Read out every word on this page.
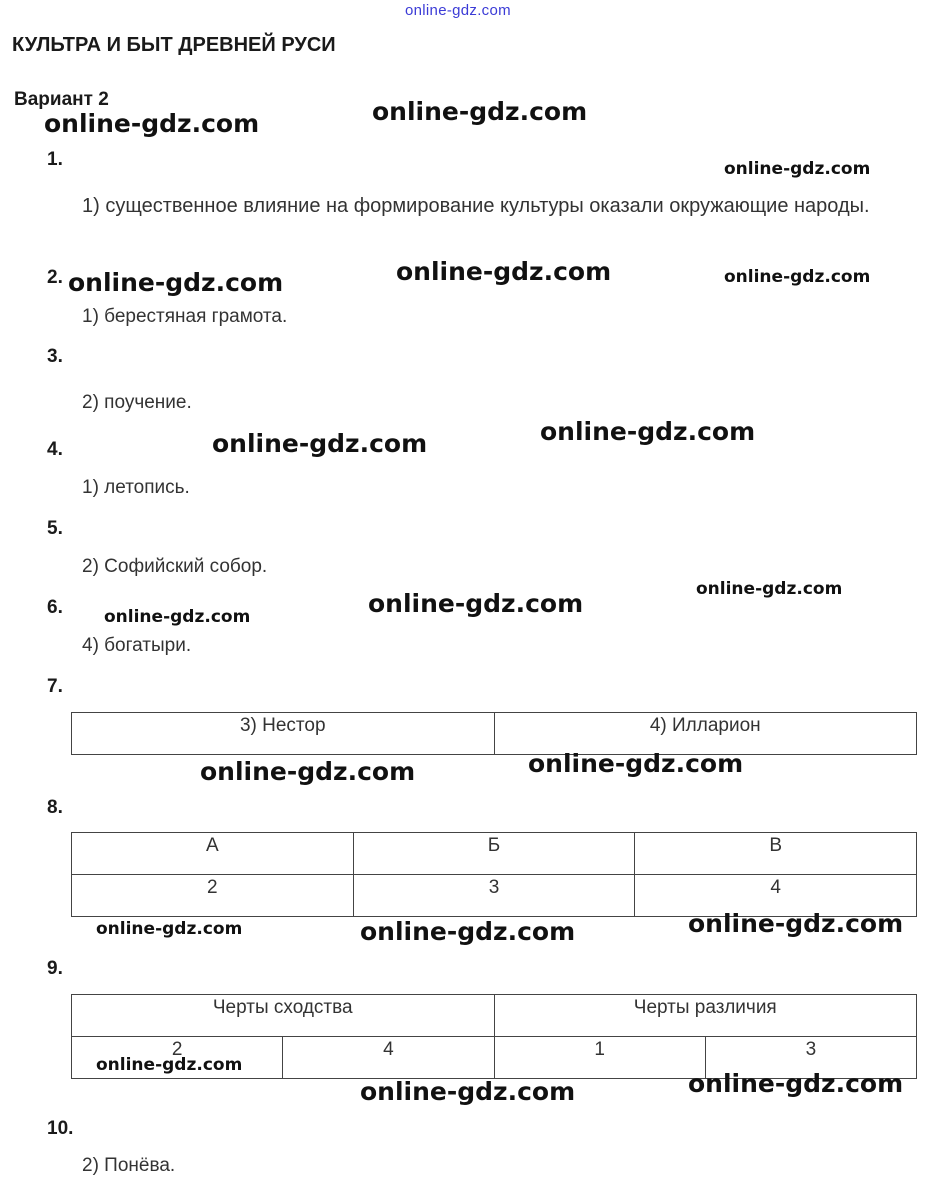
online-gdz.com
КУЛЬТРА И БЫТ ДРЕВНЕЙ РУСИ
Вариант 2
1.
1) существенное влияние на формирование культуры оказали окружающие народы.
2.
1) берестяная грамота.
3.
2) поучение.
4.
1) летопись.
5.
2) Софийский собор.
6.
4) богатыри.
7.
3) Нестор	4) Илларион
8.
А	Б	В
2	3	4
9.
Черты сходства		Черты различия	
2	4	1	3
10.
2) Понёва.
online-gdz.com	online-gdz.com
online-gdz.com
online-gdz.com	online-gdz.com	online-gdz.com
online-gdz.com	online-gdz.com
online-gdz.com
online-gdz.com	online-gdz.com
online-gdz.com	online-gdz.com
online-gdz.com	online-gdz.com	online-gdz.com
online-gdz.com
online-gdz.com	online-gdz.com
